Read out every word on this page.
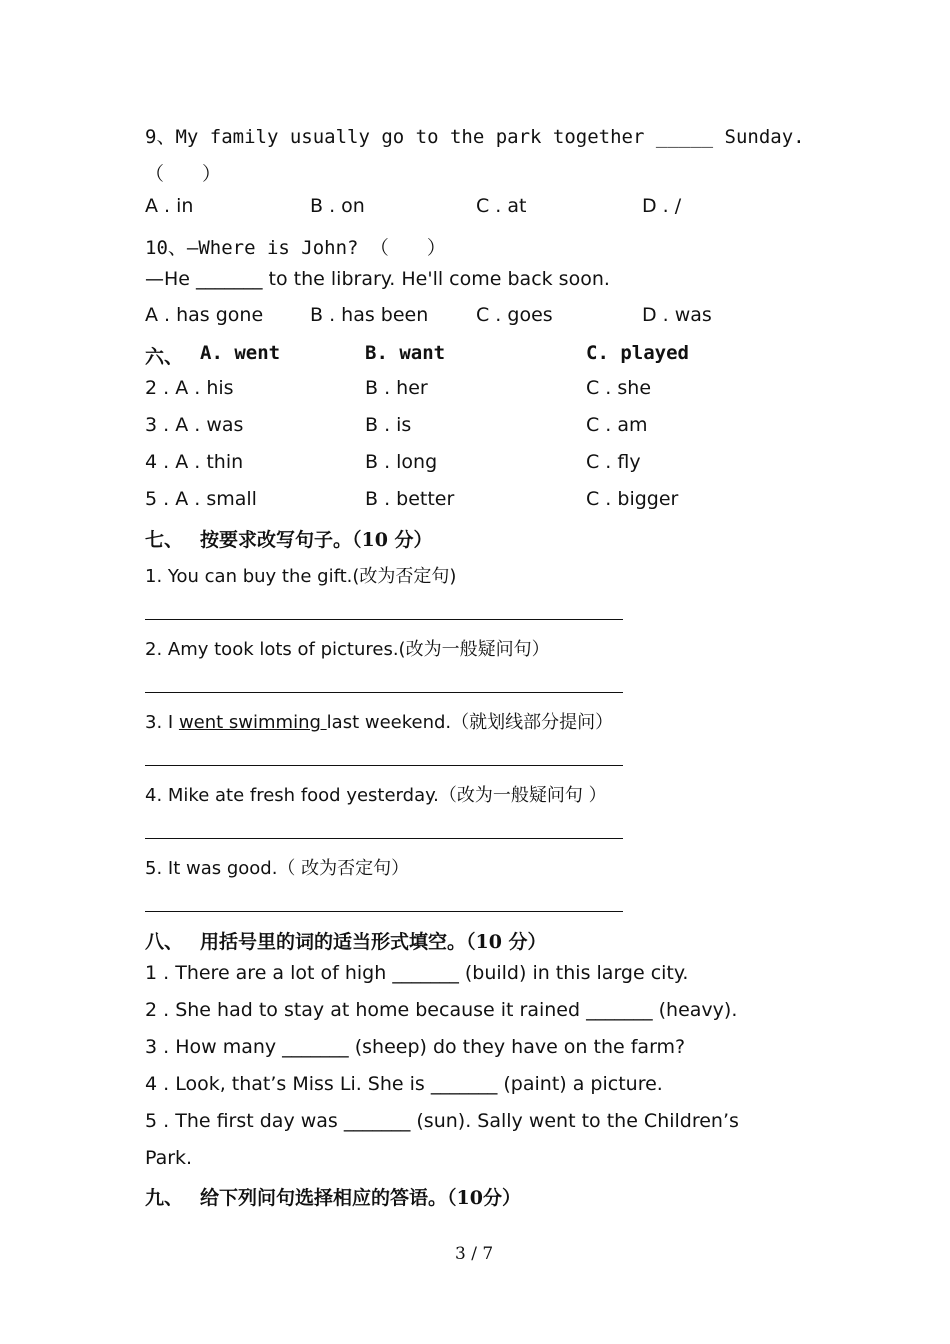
9、My family usually go to the park together _____ Sunday.
（　　）
A . in	B . on	C . at	D . /
10、—Where is John? （　　）
—He _______ to the library. He'll come back soon.
A . has gone B . has been	C . goes	D . was
六、 A. went	B. want	C. played
2 . A . his	B . her	C . she
3 . A . was	B . is	C . am
4 . A . thin	B . long	C . fly
5 . A . small	B . better	C . bigger
七、 按要求改写句子。（10 分）
1. You can buy the gift.(改为否定句)
2. Amy took lots of pictures.(改为一般疑问句）
3. I went swimming last weekend.（就划线部分提问）
4. Mike ate fresh food yesterday.（改为一般疑问句 ）
5. It was good.（ 改为否定句）
八、 用括号里的词的适当形式填空。（10 分）
1 . There are a lot of high _______ (build) in this large city.
2 . She had to stay at home because it rained _______ (heavy).
3 . How many _______ (sheep) do they have on the farm?
4 . Look, that’s Miss Li. She is _______ (paint) a picture.
5 . The first day was _______ (sun). Sally went to the Children’s
Park.
九、 给下列问句选择相应的答语。（10分）
3 / 7
